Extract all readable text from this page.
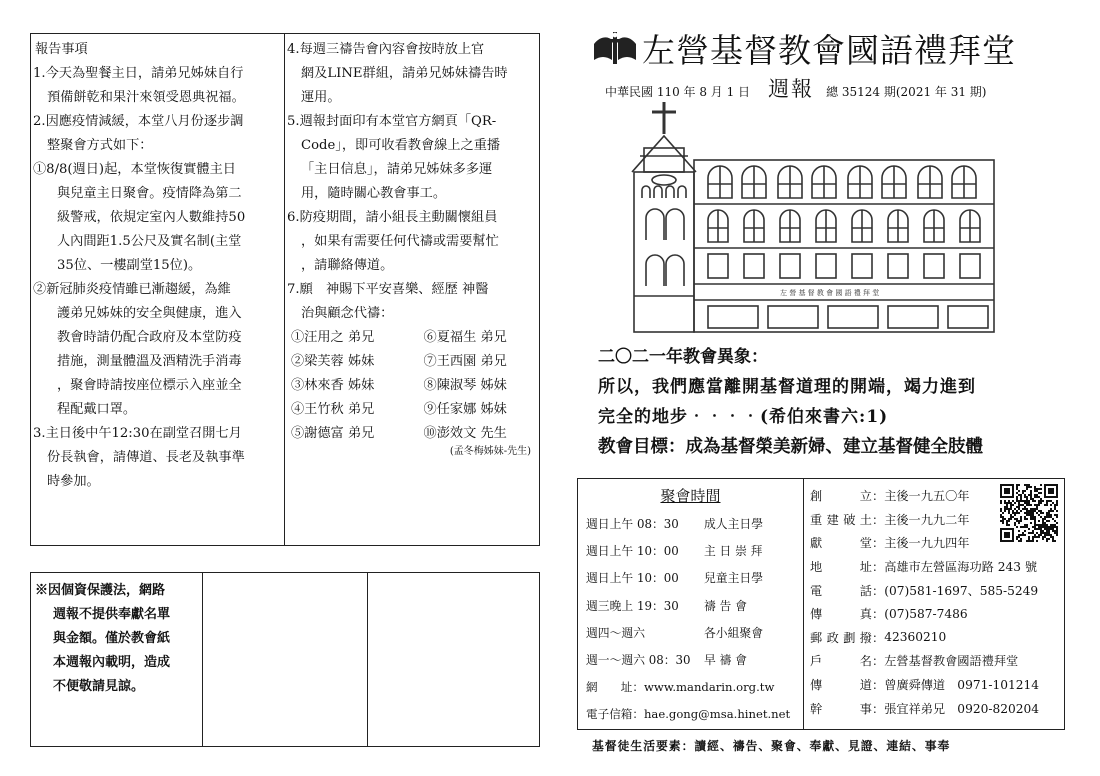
報告事項

1.今天為聖餐主日，請弟兄姊妹自行

預備餅乾和果汁來領受恩典祝福。

2.因應疫情減緩，本堂八月份逐步調

整聚會方式如下：

①8/8(週日)起，本堂恢復實體主日

與兒童主日聚會。疫情降為第二

級警戒，依規定室內人數維持50

人內間距1.5公尺及實名制(主堂

35位、一樓副堂15位)。

②新冠肺炎疫情雖已漸趨緩，為維

護弟兄姊妹的安全與健康，進入

教會時請仍配合政府及本堂防疫

措施，測量體溫及酒精洗手消毒

，聚會時請按座位標示入座並全

程配戴口罩。

3.主日後中午12:30在副堂召開七月

份長執會，請傳道、長老及執事準

時參加。

4.每週三禱告會內容會按時放上官

網及LINE群組，請弟兄姊妹禱告時

運用。

5.週報封面印有本堂官方網頁「QR-

Code」，即可收看教會線上之重播

「主日信息」，請弟兄姊妹多多運

用，隨時關心教會事工。

6.防疫期間，請小組長主動關懷組員

，如果有需要任何代禱或需要幫忙

，請聯絡傳道。

7.願　神賜下平安喜樂、經歷 神醫

治與顧念代禱：

①汪用之 弟兄	⑥夏福生 弟兄
②梁芙蓉 姊妹	⑦王西園 弟兄
③林來香 姊妹	⑧陳淑琴 姊妹
④王竹秋 弟兄	⑨任家娜 姊妹
⑤謝德富 弟兄	⑩澎效文 先生
(孟冬梅姊妹-先生)

※因個資保護法，網路

週報不提供奉獻名單

與金額。僅於教會紙

本週報內載明，造成

不便敬請見諒。

左營基督教會國語禮拜堂
中華民國 110 年 8 月 1 日 週報 總 35124 期(2021 年 31 期)
左 營 基 督 教 會 國 語 禮 拜 堂
二〇二一年教會異象：
所以，我們應當離開基督道理的開端，竭力進到
完全的地步‧‧‧‧(希伯來書六:1)
教會目標：成為基督榮美新婦、建立基督健全肢體
聚會時間
週日上午 08：30	成人主日學
週日上午 10：00	主 日 崇 拜
週日上午 10：00	兒童主日學
週三晚上 19：30	禱 告 會
週四～週六	各小組聚會
週一～週六 08：30	早 禱 會
網　　址：www.mandarin.org.tw
電子信箱：hae.gong@msa.hinet.net
創立 ： 主後一九五〇年
重建破土 ： 主後一九九二年
獻堂 ： 主後一九九四年
地址 ： 高雄市左營區海功路 243 號
電話 ： (07)581-1697、585-5249
傳真 ： (07)587-7486
郵政劃撥 ： 42360210
戶名 ： 左營基督教會國語禮拜堂
傳道 ： 曾廣舜傳道　0971-101214
幹事 ： 張宜祥弟兄　0920-820204
基督徒生活要素：讀經、禱告、聚會、奉獻、見證、連結、事奉
